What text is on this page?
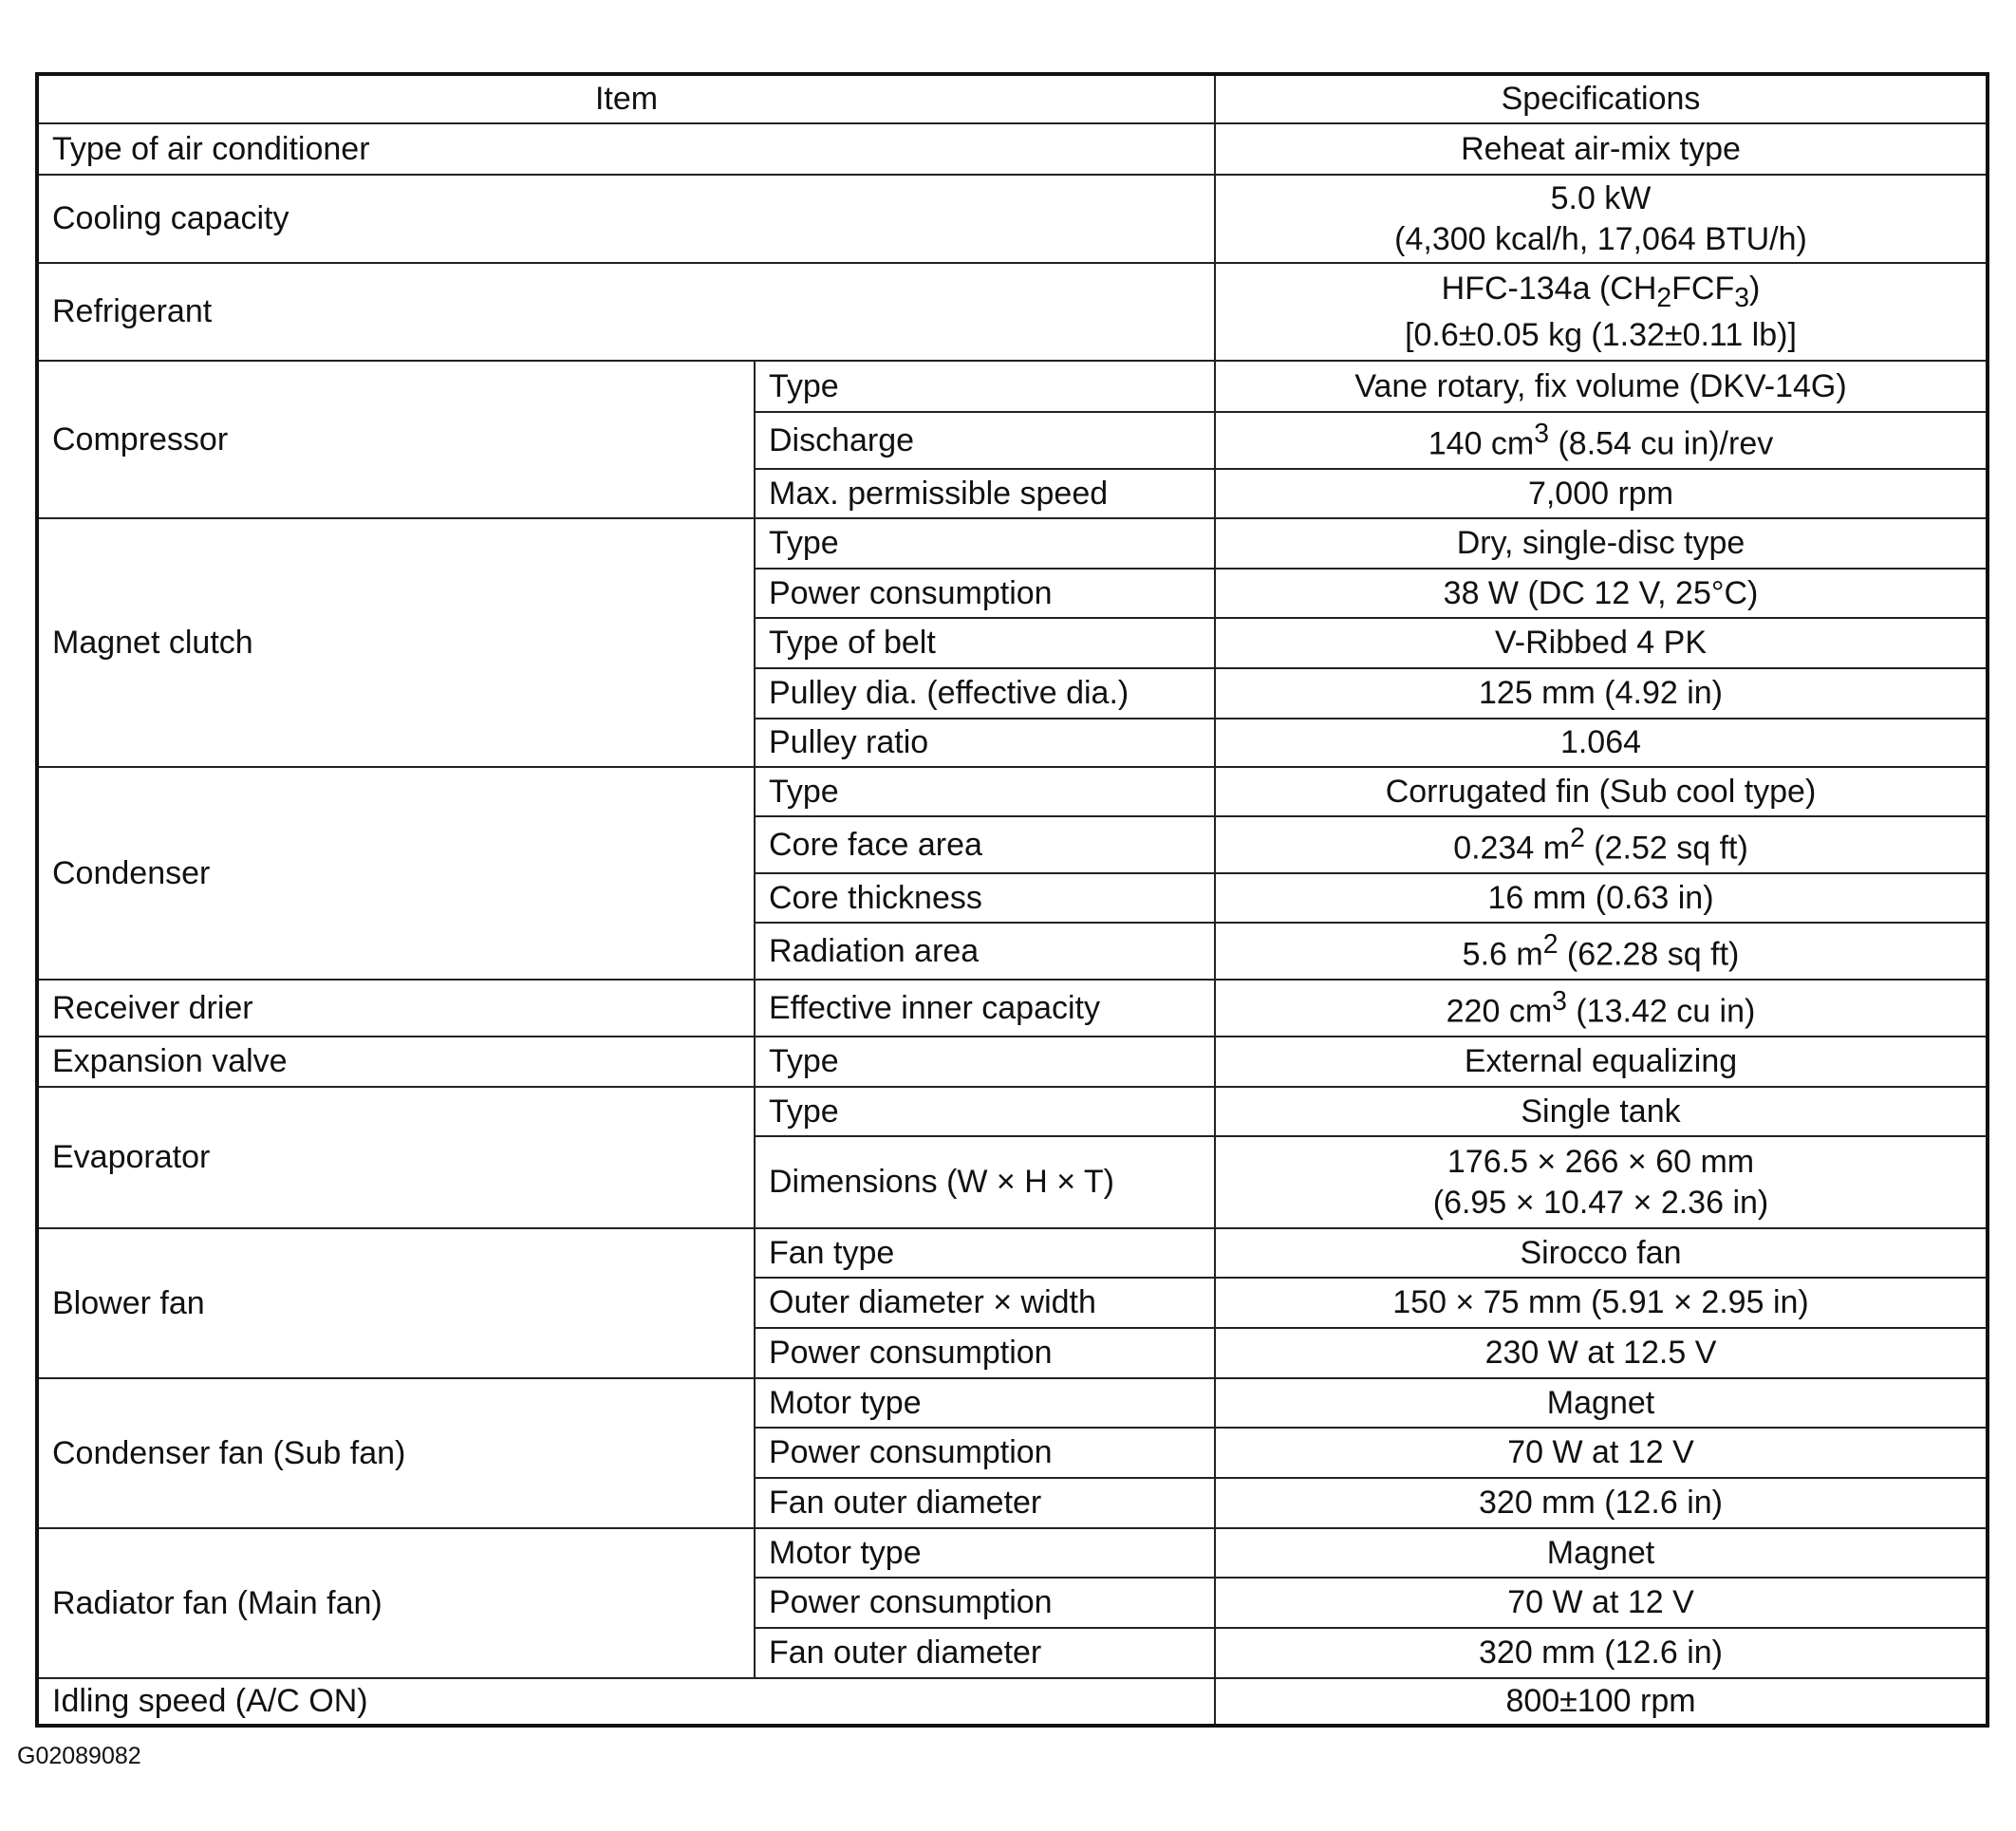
Item		Specifications
Type of air conditioner		Reheat air-mix type
Cooling capacity		5.0 kW
(4,300 kcal/h, 17,064 BTU/h)
Refrigerant		HFC-134a $(CH_2FCF_3)$
[0.6±0.05 kg (1.32±0.11 lb)]
Compressor	Type	Vane rotary, fix volume (DKV-14G)
	Discharge	140 $cm^3$ (8.54 cu in)/rev
	Max. permissible speed	7,000 rpm
Magnet clutch	Type	Dry, single-disc type
	Power consumption	38 W (DC 12 V, 25°C)
	Type of belt	V-Ribbed 4 PK
	Pulley dia. (effective dia.)	125 mm (4.92 in)
	Pulley ratio	1.064
Condenser	Type	Corrugated fin (Sub cool type)
	Core face area	0.234 $m^2$ (2.52 sq ft)
	Core thickness	16 mm (0.63 in)
	Radiation area	5.6 $m^2$ (62.28 sq ft)
Receiver drier	Effective inner capacity	220 $cm^3$ (13.42 cu in)
Expansion valve	Type	External equalizing
Evaporator	Type	Single tank
	Dimensions (W × H × T)	176.5 × 266 × 60 mm
(6.95 × 10.47 × 2.36 in)
Blower fan	Fan type	Sirocco fan
	Outer diameter × width	150 × 75 mm (5.91 × 2.95 in)
	Power consumption	230 W at 12.5 V
Condenser fan (Sub fan)	Motor type	Magnet
	Power consumption	70 W at 12 V
	Fan outer diameter	320 mm (12.6 in)
Radiator fan (Main fan)	Motor type	Magnet
	Power consumption	70 W at 12 V
	Fan outer diameter	320 mm (12.6 in)
Idling speed (A/C ON)		800±100 rpm
G02089082
